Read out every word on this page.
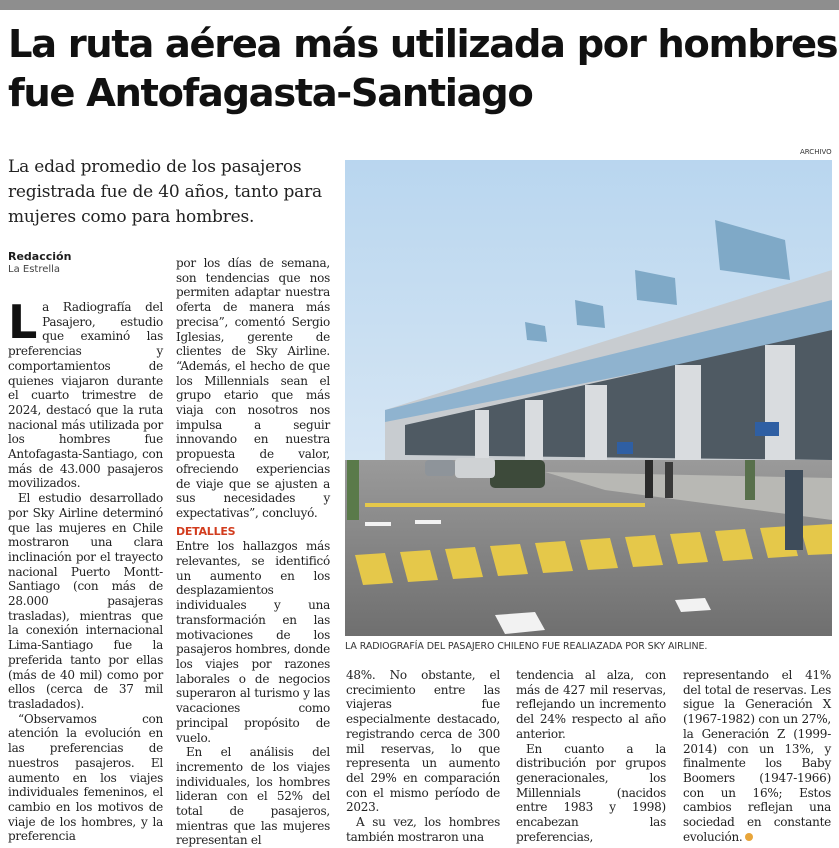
La ruta aérea más utilizada por hombres fue Antofagasta-Santiago

La edad promedio de los pasajeros registrada fue de 40 años, tanto para mujeres como para hombres.

Redacción
La Estrella

La Radiografía del Pasajero, estudio que examinó las preferencias y comportamientos de quienes viajaron durante el cuarto trimestre de 2024, destacó que la ruta nacional más utilizada por los hombres fue Antofagasta-Santiago, con más de 43.000 pasajeros movilizados.

El estudio desarrollado por Sky Airline determinó que las mujeres en Chile mostraron una clara inclinación por el trayecto nacional Puerto Montt-Santiago (con más de 28.000 pasajeras trasladas), mientras que la conexión internacional Lima-Santiago fue la preferida tanto por ellas (más de 40 mil) como por ellos (cerca de 37 mil trasladados).

“Observamos con atención la evolución en las preferencias de nuestros pasajeros. El aumento en los viajes individuales femeninos, el cambio en los motivos de viaje de los hombres, y la preferencia

por los días de semana, son tendencias que nos permiten adaptar nuestra oferta de manera más precisa”, comentó Sergio Iglesias, gerente de clientes de Sky Airline. “Además, el hecho de que los Millennials sean el grupo etario que más viaja con nosotros nos impulsa a seguir innovando en nuestra propuesta de valor, ofreciendo experiencias de viaje que se ajusten a sus necesidades y expectativas”, concluyó.

DETALLES

Entre los hallazgos más relevantes, se identificó un aumento en los desplazamientos individuales y una transformación en las motivaciones de los pasajeros hombres, donde los viajes por razones laborales o de negocios superaron al turismo y las vacaciones como principal propósito de vuelo.

En el análisis del incremento de los viajes individuales, los hombres lideran con el 52% del total de pasajeros, mientras que las mujeres representan el

ARCHIVO
LA RADIOGRAFÍA DEL PASAJERO CHILENO FUE REALIAZADA POR SKY AIRLINE.

48%. No obstante, el crecimiento entre las viajeras fue especialmente destacado, registrando cerca de 300 mil reservas, lo que representa un aumento del 29% en comparación con el mismo período de 2023.

A su vez, los hombres también mostraron una

tendencia al alza, con más de 427 mil reservas, reflejando un incremento del 24% respecto al año anterior.

En cuanto a la distribución por grupos generacionales, los Millennials (nacidos entre 1983 y 1998) encabezan las preferencias,

representando el 41% del total de reservas. Les sigue la Generación X (1967-1982) con un 27%, la Generación Z (1999-2014) con un 13%, y finalmente los Baby Boomers (1947-1966) con un 16%; Estos cambios reflejan una sociedad en constante evolución.
